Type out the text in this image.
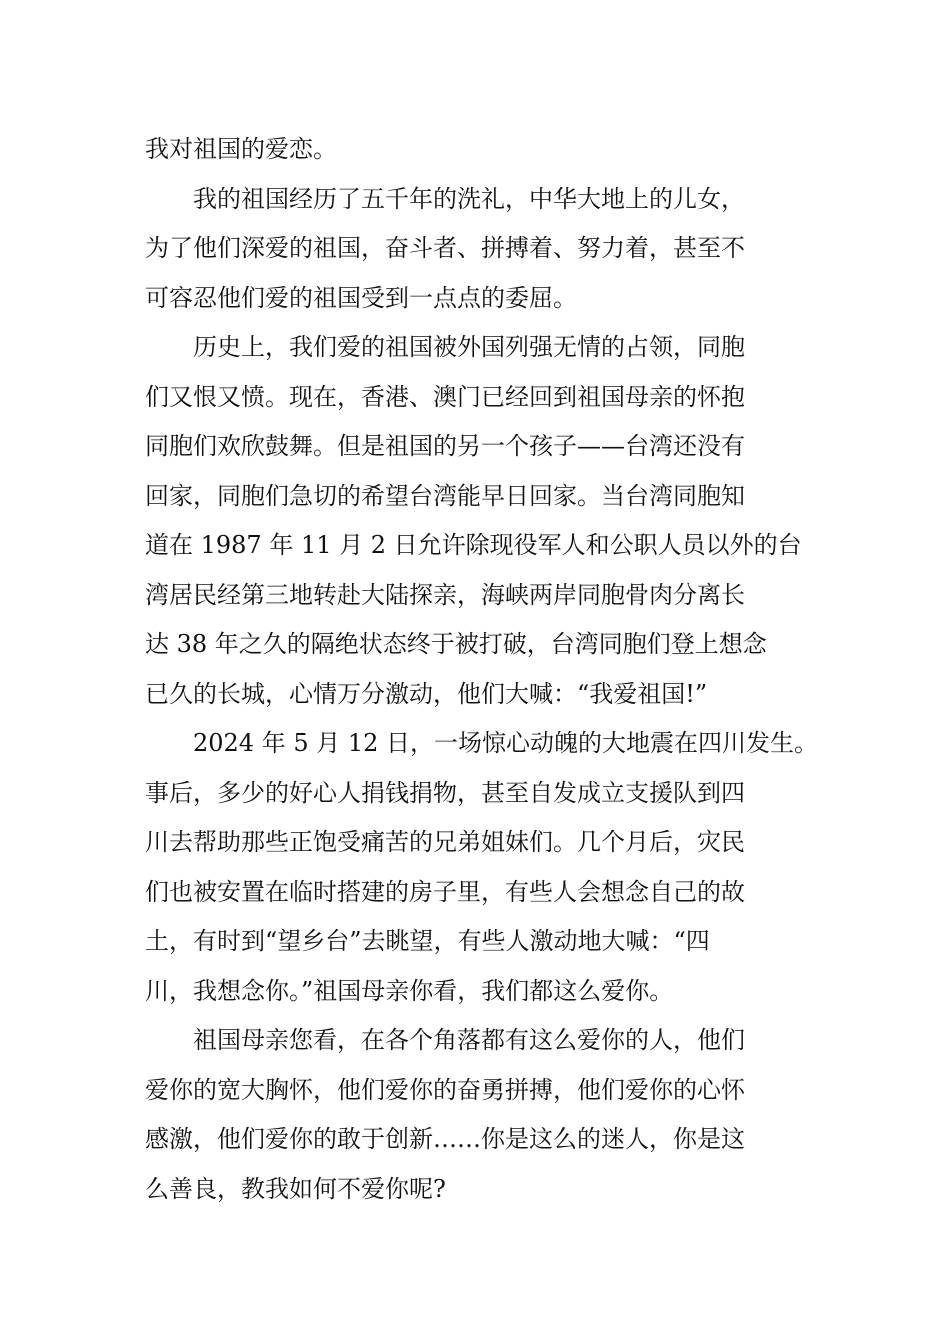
我对祖国的爱恋。
　　我的祖国经历了五千年的洗礼，中华大地上的儿女，
为了他们深爱的祖国，奋斗者、拼搏着、努力着，甚至不
可容忍他们爱的祖国受到一点点的委屈。
　　历史上，我们爱的祖国被外国列强无情的占领，同胞
们又恨又愤。现在，香港、澳门已经回到祖国母亲的怀抱
同胞们欢欣鼓舞。但是祖国的另一个孩子——台湾还没有
回家，同胞们急切的希望台湾能早日回家。当台湾同胞知
道在 1987 年 11 月 2 日允许除现役军人和公职人员以外的台
湾居民经第三地转赴大陆探亲，海峡两岸同胞骨肉分离长
达 38 年之久的隔绝状态终于被打破，台湾同胞们登上想念
已久的长城，心情万分激动，他们大喊：“我爱祖国!”
　　2024 年 5 月 12 日，一场惊心动魄的大地震在四川发生。
事后，多少的好心人捐钱捐物，甚至自发成立支援队到四
川去帮助那些正饱受痛苦的兄弟姐妹们。几个月后，灾民
们也被安置在临时搭建的房子里，有些人会想念自己的故
土，有时到“望乡台”去眺望，有些人激动地大喊：“四
川，我想念你。”祖国母亲你看，我们都这么爱你。
　　祖国母亲您看，在各个角落都有这么爱你的人，他们
爱你的宽大胸怀，他们爱你的奋勇拼搏，他们爱你的心怀
感激，他们爱你的敢于创新……你是这么的迷人，你是这
么善良，教我如何不爱你呢?
